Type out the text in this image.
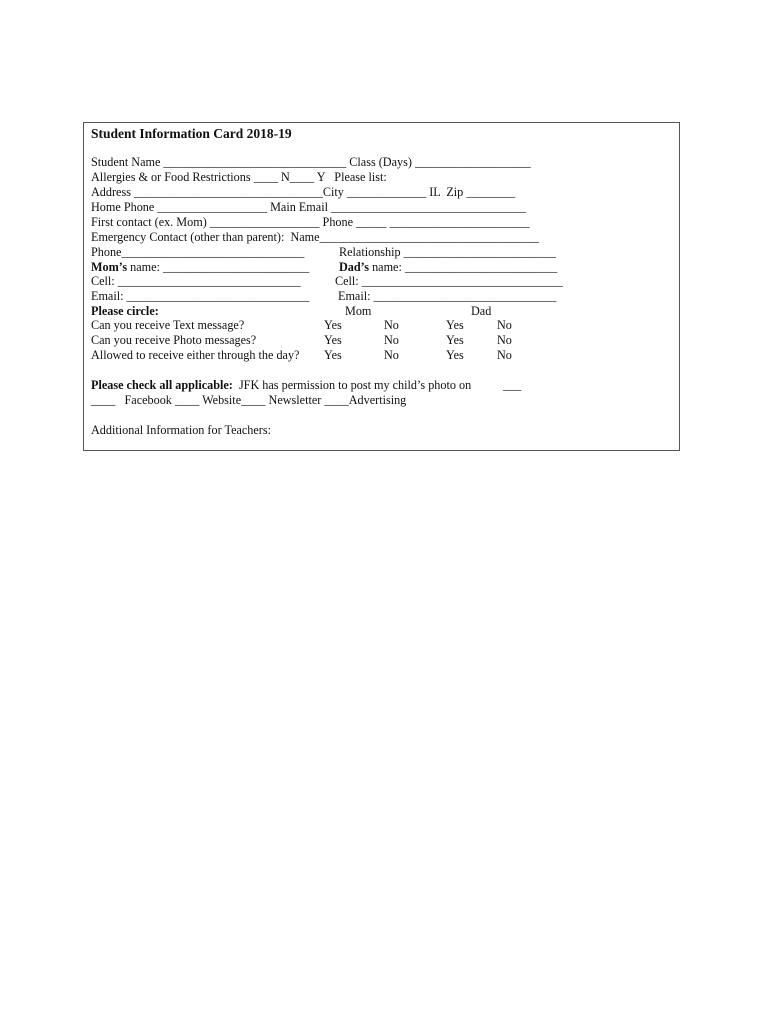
Student Information Card 2018-19
Student Name ______________________________ Class (Days) ___________________
Allergies & or Food Restrictions ____ N____ Y   Please list:
Address _______________________________City _____________ IL  Zip ________
Home Phone __________________ Main Email ________________________________
First contact (ex. Mom) __________________ Phone _____ _______________________
Emergency Contact (other than parent):  Name____________________________________
Phone______________________________	Relationship _________________________
Mom’s name: ________________________ Dad’s name: _________________________
Cell: ______________________________	Cell: _________________________________
Email: ______________________________ Email: ______________________________
Please circle:	Mom	Dad
Can you receive Text message?	Yes	No	Yes	No
Can you receive Photo messages?	Yes	No	Yes	No
Allowed to receive either through the day? Yes	No	Yes	No
Please check all applicable:  JFK has permission to post my child’s photo on	___
____   Facebook ____ Website____ Newsletter ____Advertising
Additional Information for Teachers:
